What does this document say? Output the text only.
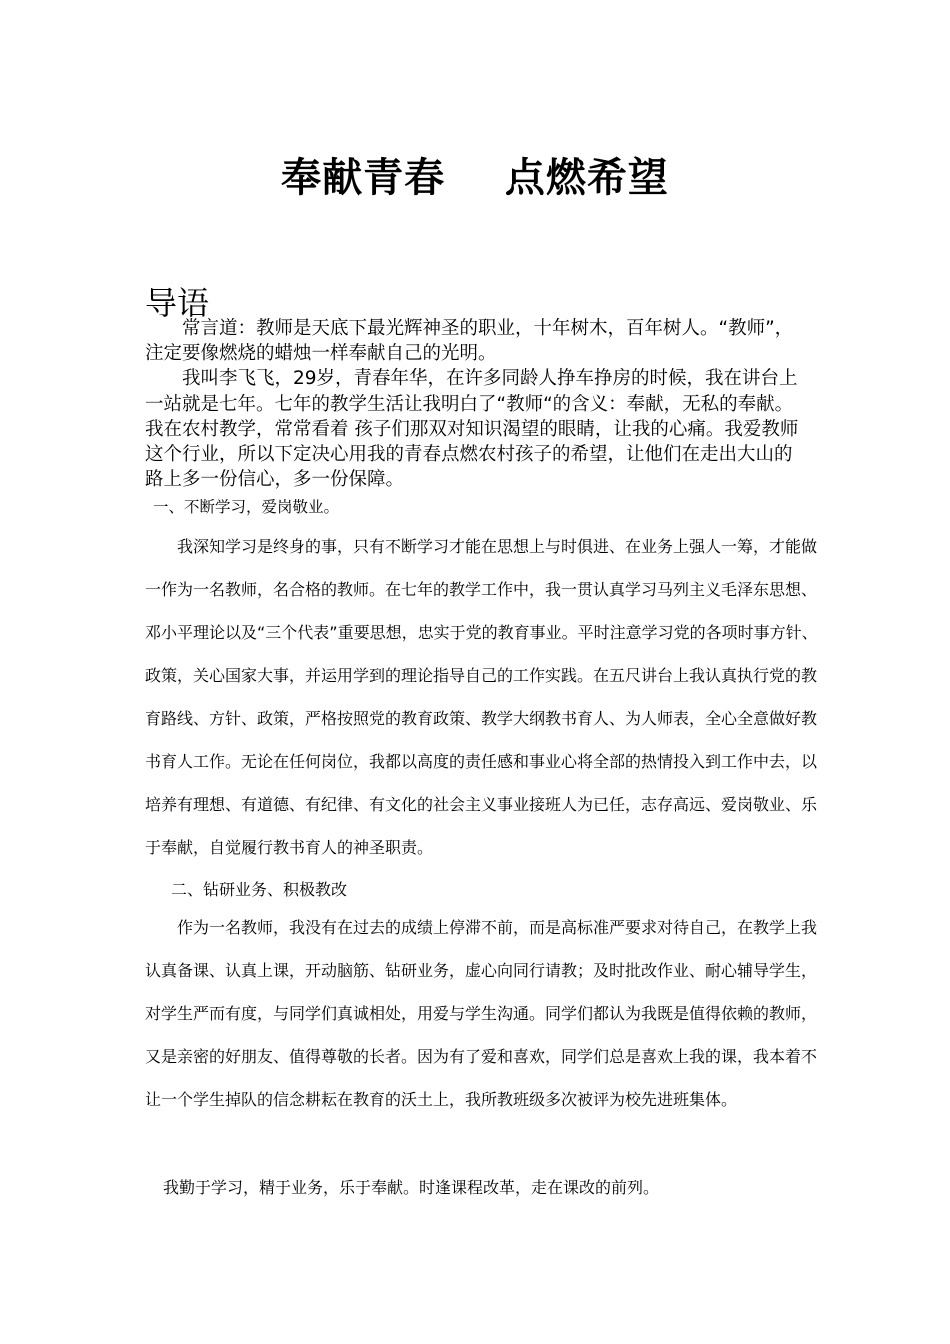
奉献青春    点燃希望
导语

常言道：教师是天底下最光辉神圣的职业，十年树木，百年树人。“教师”，注定要像燃烧的蜡烛一样奉献自己的光明。

我叫李飞飞，29岁，青春年华，在许多同龄人挣车挣房的时候，我在讲台上一站就是七年。七年的教学生活让我明白了“教师“的含义：奉献，无私的奉献。我在农村教学，常常看着 孩子们那双对知识渴望的眼睛，让我的心痛。我爱教师这个行业，所以下定决心用我的青春点燃农村孩子的希望，让他们在走出大山的路上多一份信心，多一份保障。

一、不断学习，爱岗敬业。

我深知学习是终身的事，只有不断学习才能在思想上与时俱进、在业务上强人一筹，才能做一作为一名教师，名合格的教师。在七年的教学工作中，我一贯认真学习马列主义毛泽东思想、邓小平理论以及“三个代表”重要思想，忠实于党的教育事业。平时注意学习党的各项时事方针、政策，关心国家大事，并运用学到的理论指导自己的工作实践。在五尺讲台上我认真执行党的教育路线、方针、政策，严格按照党的教育政策、教学大纲教书育人、为人师表，全心全意做好教书育人工作。无论在任何岗位，我都以高度的责任感和事业心将全部的热情投入到工作中去，以培养有理想、有道德、有纪律、有文化的社会主义事业接班人为已任，志存高远、爱岗敬业、乐于奉献，自觉履行教书育人的神圣职责。

二、钻研业务、积极教改

作为一名教师，我没有在过去的成绩上停滞不前，而是高标准严要求对待自己，在教学上我认真备课、认真上课，开动脑筋、钻研业务，虚心向同行请教；及时批改作业、耐心辅导学生，对学生严而有度，与同学们真诚相处，用爱与学生沟通。同学们都认为我既是值得依赖的教师，又是亲密的好朋友、值得尊敬的长者。因为有了爱和喜欢，同学们总是喜欢上我的课，我本着不让一个学生掉队的信念耕耘在教育的沃土上，我所教班级多次被评为校先进班集体。

我勤于学习，精于业务，乐于奉献。时逢课程改革，走在课改的前列。
